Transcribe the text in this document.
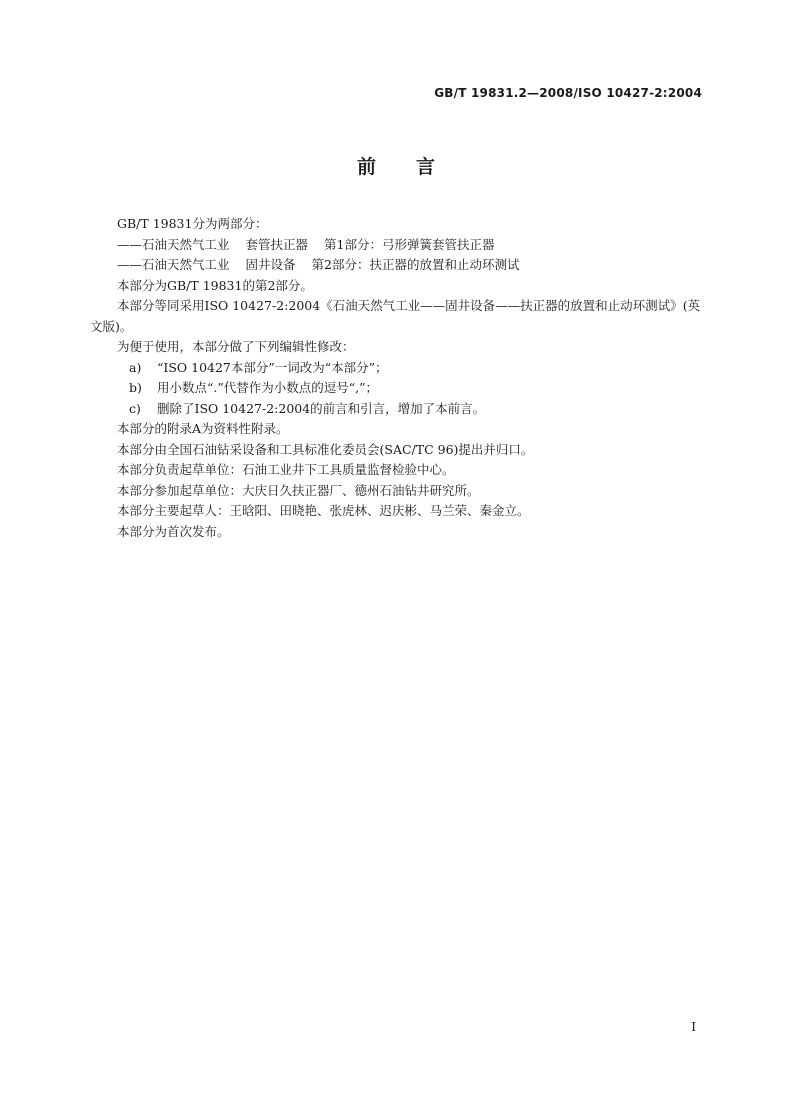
GB/T 19831.2—2008/ISO 10427-2:2004
前言

GB/T 19831分为两部分：

——石油天然气工业 套管扶正器 第1部分：弓形弹簧套管扶正器

——石油天然气工业 固井设备 第2部分：扶正器的放置和止动环测试

本部分为GB/T 19831的第2部分。

本部分等同采用ISO 10427-2:2004《石油天然气工业——固井设备——扶正器的放置和止动环测试》(英文版)。

为便于使用，本部分做了下列编辑性修改：

a) “ISO 10427本部分”一词改为“本部分”；

b) 用小数点“.”代替作为小数点的逗号“,”；

c) 删除了ISO 10427-2:2004的前言和引言，增加了本前言。

本部分的附录A为资料性附录。

本部分由全国石油钻采设备和工具标准化委员会(SAC/TC 96)提出并归口。

本部分负责起草单位：石油工业井下工具质量监督检验中心。

本部分参加起草单位：大庆日久扶正器厂、德州石油钻井研究所。

本部分主要起草人：王晗阳、田晓艳、张虎林、迟庆彬、马兰荣、秦金立。

本部分为首次发布。

I
